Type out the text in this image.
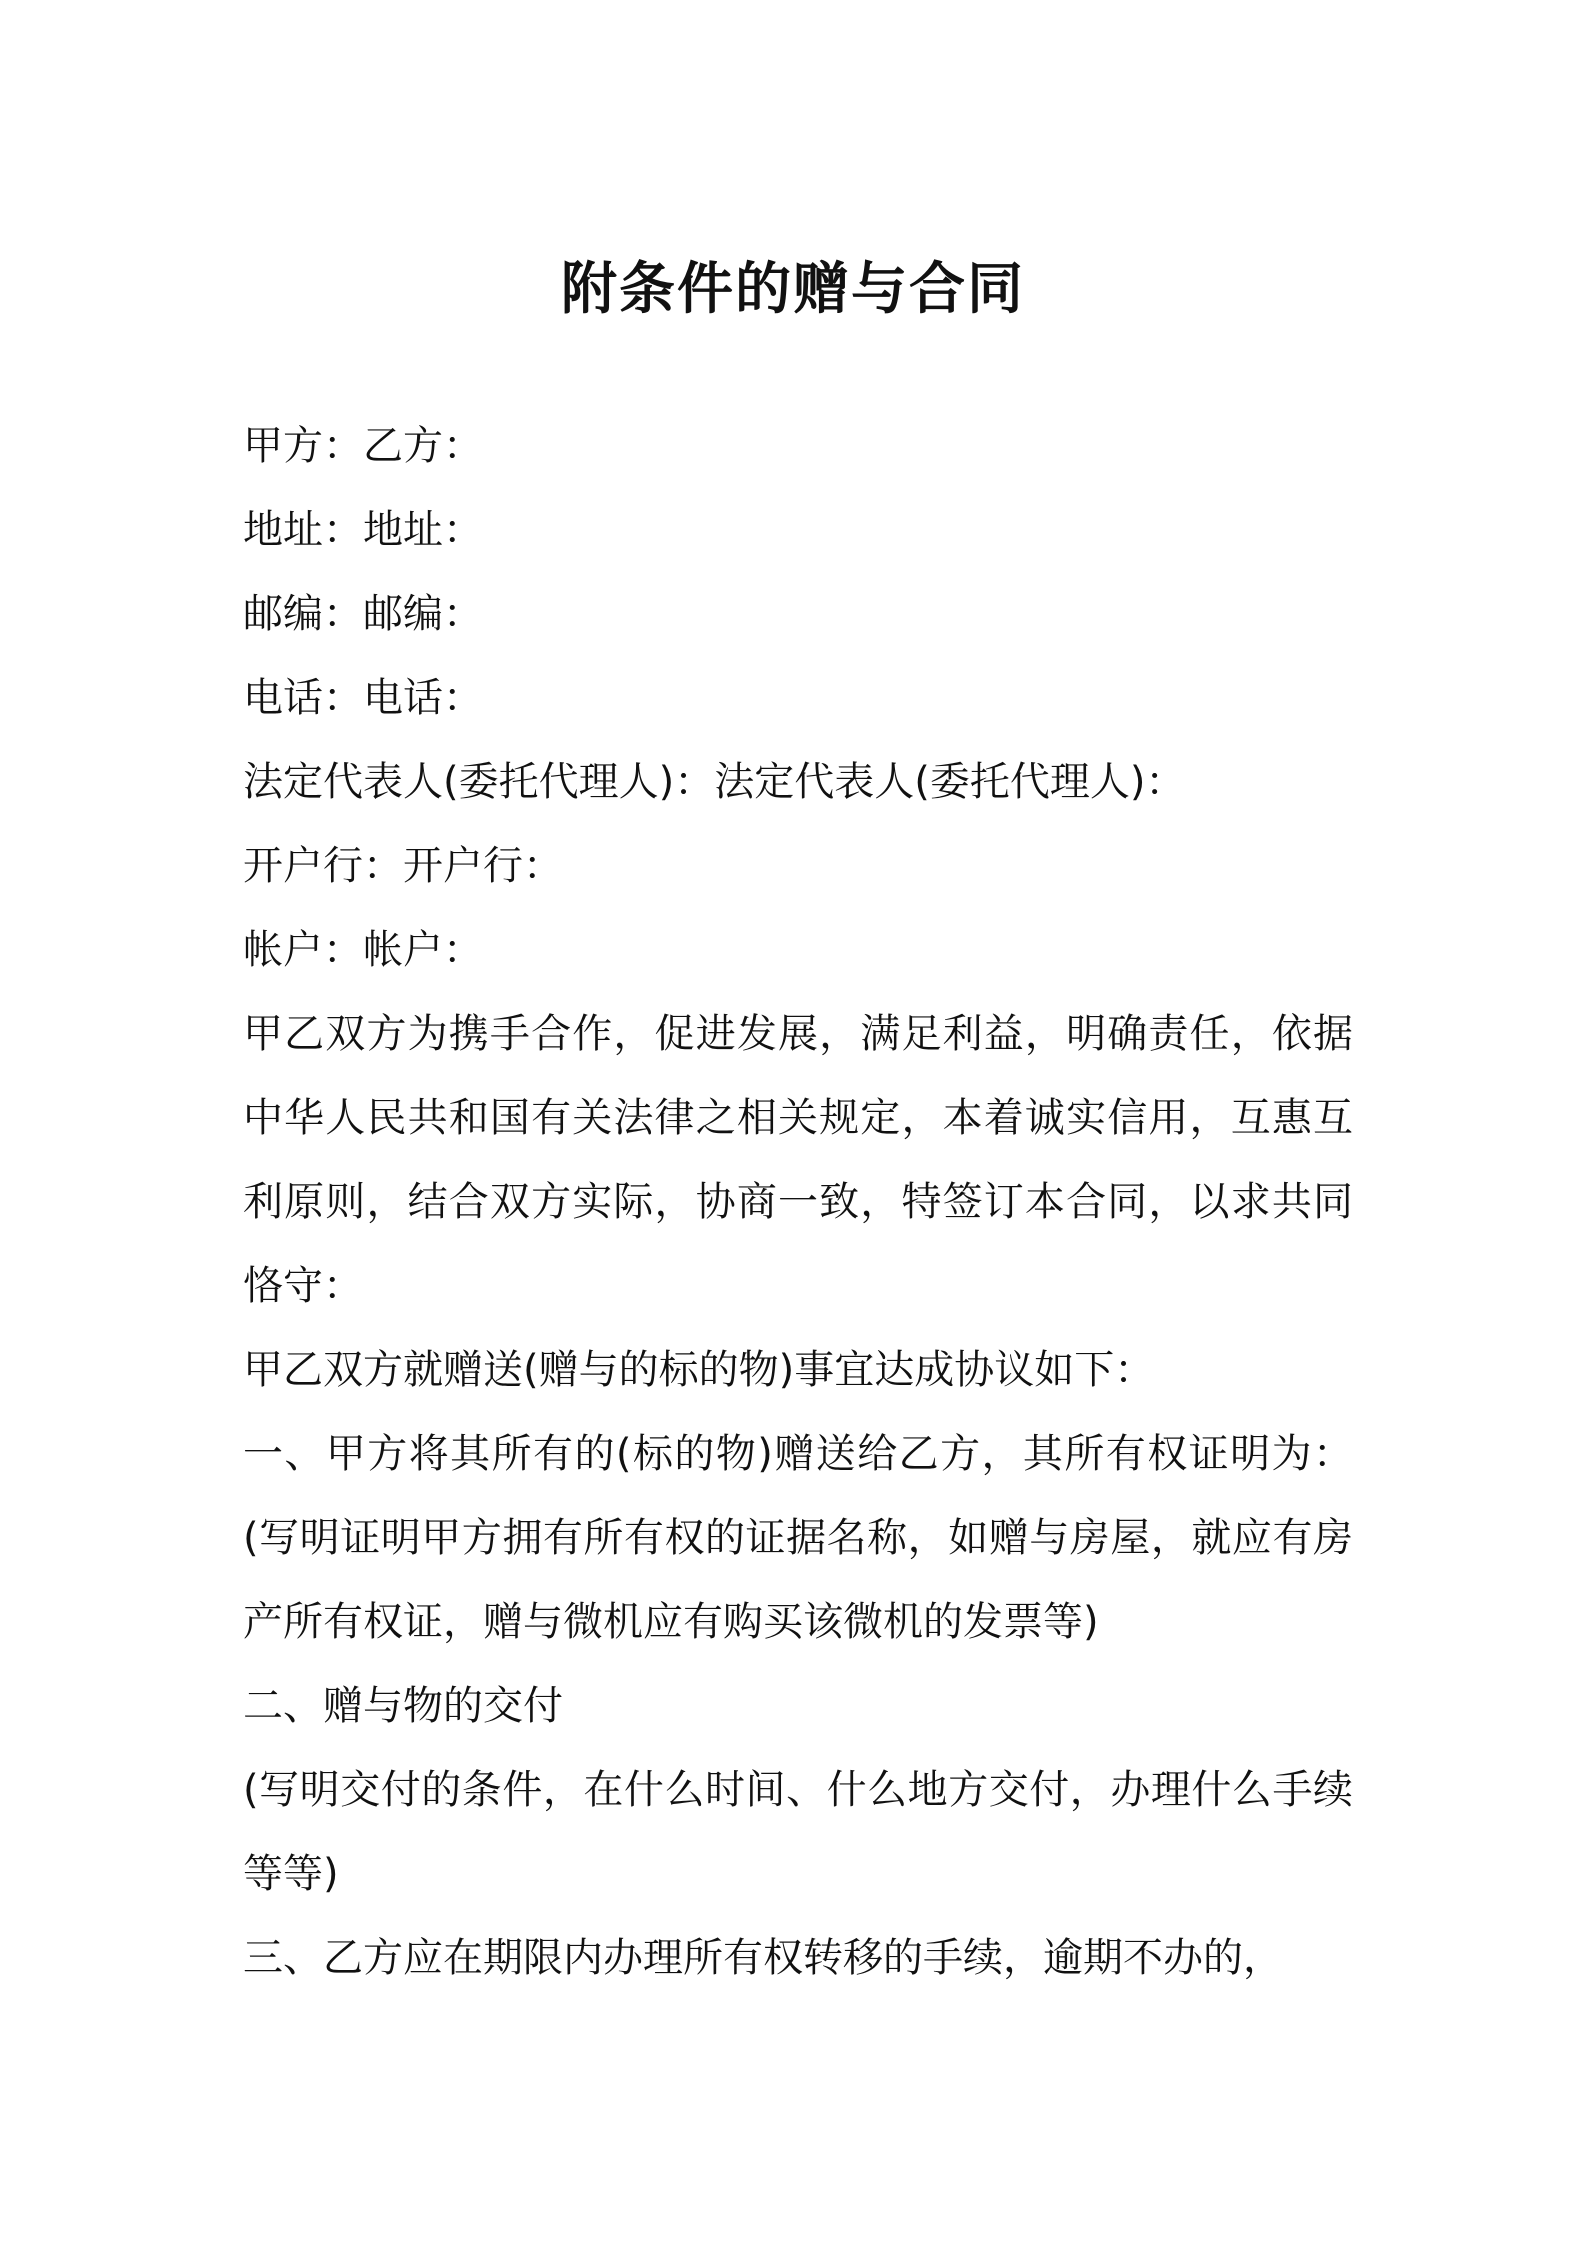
附条件的赠与合同

甲方：乙方：

地址：地址：

邮编：邮编：

电话：电话：

法定代表人(委托代理人)：法定代表人(委托代理人)：

开户行：开户行：

帐户：帐户：

甲乙双方为携手合作，促进发展，满足利益，明确责任，依据中华人民共和国有关法律之相关规定，本着诚实信用，互惠互利原则，结合双方实际，协商一致，特签订本合同，以求共同恪守：

甲乙双方就赠送(赠与的标的物)事宜达成协议如下：

一、甲方将其所有的(标的物)赠送给乙方，其所有权证明为：(写明证明甲方拥有所有权的证据名称，如赠与房屋，就应有房产所有权证，赠与微机应有购买该微机的发票等)

二、赠与物的交付

(写明交付的条件，在什么时间、什么地方交付，办理什么手续等等)

三、乙方应在期限内办理所有权转移的手续，逾期不办的，
